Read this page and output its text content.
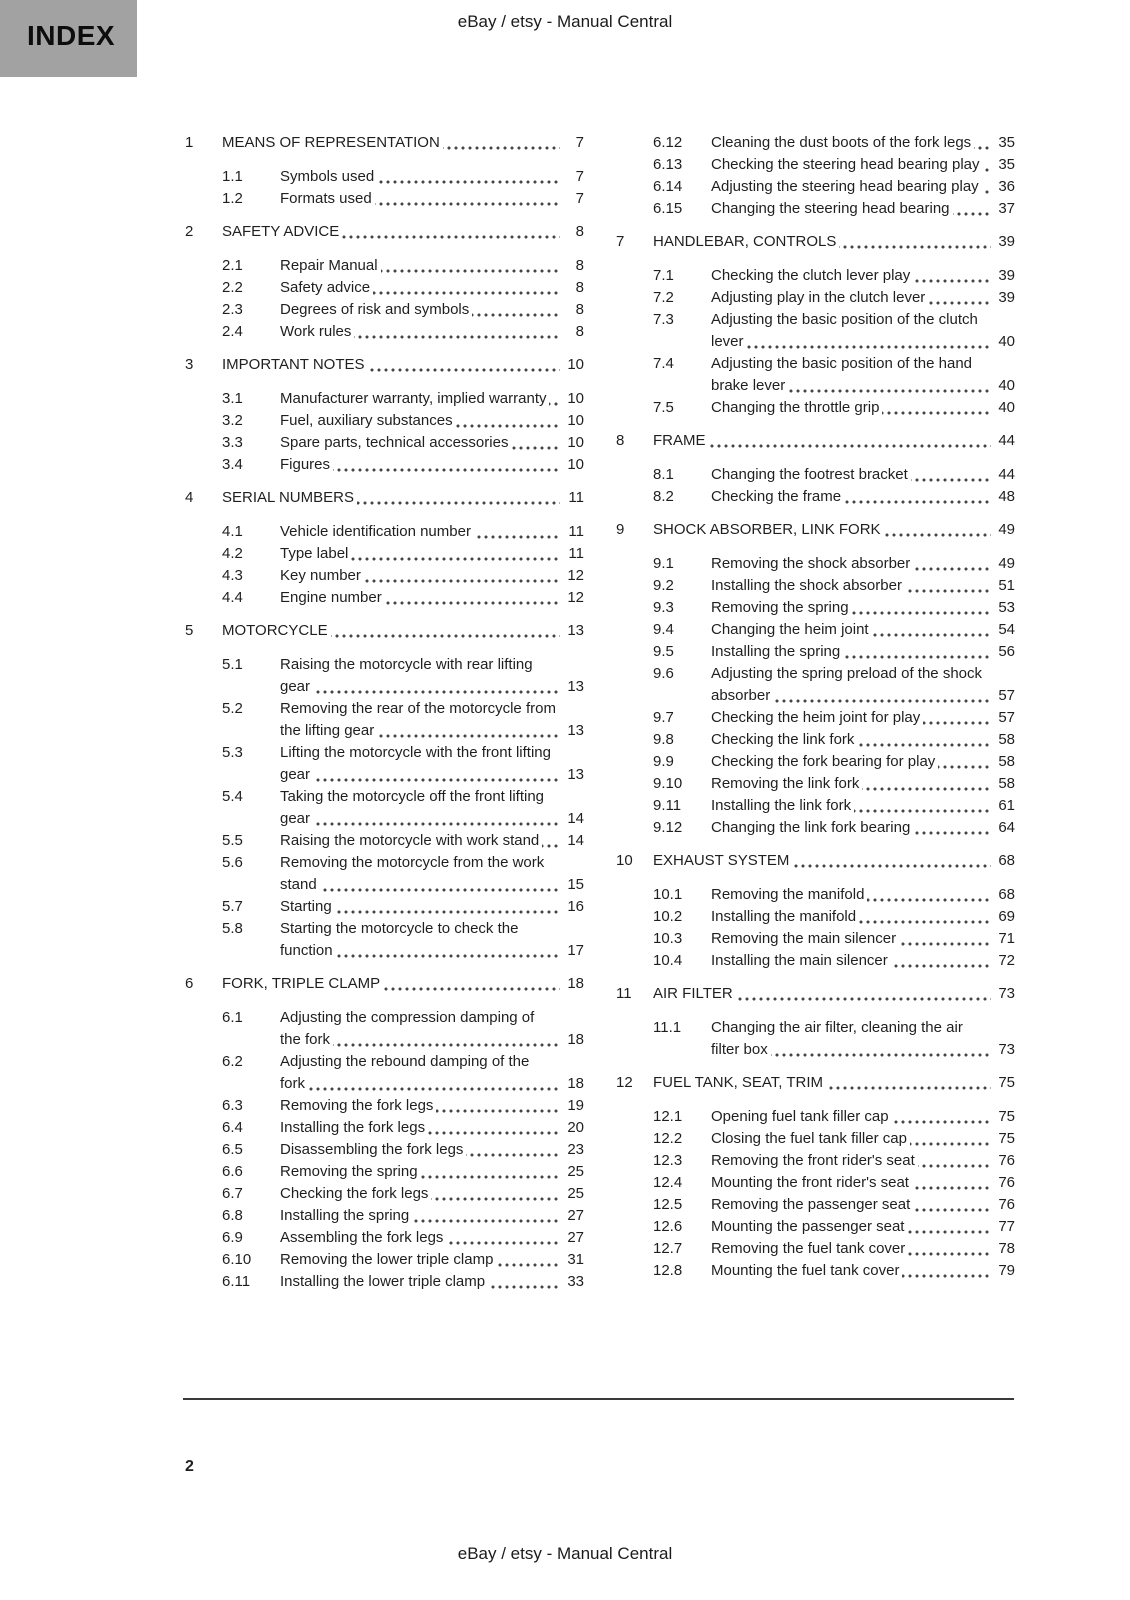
INDEX	eBay / etsy - Manual Central
1	MEANS OF REPRESENTATION	7
1.1	Symbols used	7
1.2	Formats used	7
2	SAFETY ADVICE	8
2.1	Repair Manual	8
2.2	Safety advice	8
2.3	Degrees of risk and symbols	8
2.4	Work rules	8
3	IMPORTANT NOTES	10
3.1	Manufacturer warranty, implied warranty	10
3.2	Fuel, auxiliary substances	10
3.3	Spare parts, technical accessories	10
3.4	Figures	10
4	SERIAL NUMBERS	11
4.1	Vehicle identification number	11
4.2	Type label	11
4.3	Key number	12
4.4	Engine number	12
5	MOTORCYCLE	13
5.1	Raising the motorcycle with rear lifting gear	13
5.2	Removing the rear of the motorcycle from the lifting gear	13
5.3	Lifting the motorcycle with the front lifting gear	13
5.4	Taking the motorcycle off the front lifting gear	14
5.5	Raising the motorcycle with work stand	14
5.6	Removing the motorcycle from the work stand	15
5.7	Starting	16
5.8	Starting the motorcycle to check the function	17
6	FORK, TRIPLE CLAMP	18
6.1	Adjusting the compression damping of the fork	18
6.2	Adjusting the rebound damping of the fork	18
6.3	Removing the fork legs	19
6.4	Installing the fork legs	20
6.5	Disassembling the fork legs	23
6.6	Removing the spring	25
6.7	Checking the fork legs	25
6.8	Installing the spring	27
6.9	Assembling the fork legs	27
6.10	Removing the lower triple clamp	31
6.11	Installing the lower triple clamp	33
6.12	Cleaning the dust boots of the fork legs	35
6.13	Checking the steering head bearing play	35
6.14	Adjusting the steering head bearing play	36
6.15	Changing the steering head bearing	37
7	HANDLEBAR, CONTROLS	39
7.1	Checking the clutch lever play	39
7.2	Adjusting play in the clutch lever	39
7.3	Adjusting the basic position of the clutch lever	40
7.4	Adjusting the basic position of the hand brake lever	40
7.5	Changing the throttle grip	40
8	FRAME	44
8.1	Changing the footrest bracket	44
8.2	Checking the frame	48
9	SHOCK ABSORBER, LINK FORK	49
9.1	Removing the shock absorber	49
9.2	Installing the shock absorber	51
9.3	Removing the spring	53
9.4	Changing the heim joint	54
9.5	Installing the spring	56
9.6	Adjusting the spring preload of the shock absorber	57
9.7	Checking the heim joint for play	57
9.8	Checking the link fork	58
9.9	Checking the fork bearing for play	58
9.10	Removing the link fork	58
9.11	Installing the link fork	61
9.12	Changing the link fork bearing	64
10	EXHAUST SYSTEM	68
10.1	Removing the manifold	68
10.2	Installing the manifold	69
10.3	Removing the main silencer	71
10.4	Installing the main silencer	72
11	AIR FILTER	73
11.1	Changing the air filter, cleaning the air filter box	73
12	FUEL TANK, SEAT, TRIM	75
12.1	Opening fuel tank filler cap	75
12.2	Closing the fuel tank filler cap	75
12.3	Removing the front rider's seat	76
12.4	Mounting the front rider's seat	76
12.5	Removing the passenger seat	76
12.6	Mounting the passenger seat	77
12.7	Removing the fuel tank cover	78
12.8	Mounting the fuel tank cover	79
2
eBay / etsy - Manual Central
